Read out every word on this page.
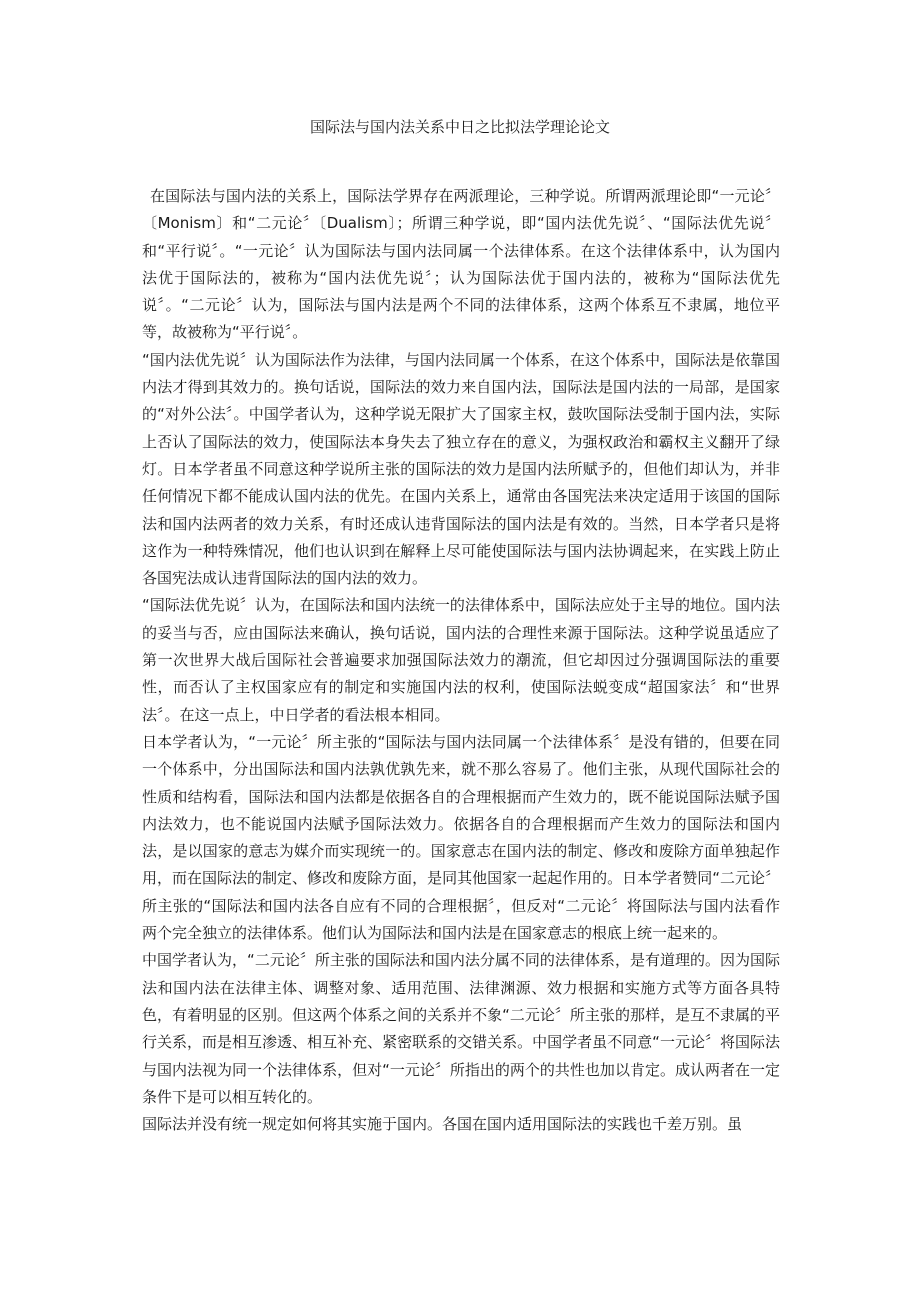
国际法与国内法关系中日之比拟法学理论论文

在国际法与国内法的关系上，国际法学界存在两派理论，三种学说。所谓两派理论即“一元论〞〔Monism〕和“二元论〞〔Dualism〕；所谓三种学说，即“国内法优先说〞、“国际法优先说〞和“平行说〞。“一元论〞认为国际法与国内法同属一个法律体系。在这个法律体系中，认为国内法优于国际法的，被称为“国内法优先说〞；认为国际法优于国内法的，被称为“国际法优先说〞。“二元论〞认为，国际法与国内法是两个不同的法律体系，这两个体系互不隶属，地位平等，故被称为“平行说〞。

“国内法优先说〞认为国际法作为法律，与国内法同属一个体系，在这个体系中，国际法是依靠国内法才得到其效力的。换句话说，国际法的效力来自国内法，国际法是国内法的一局部，是国家的“对外公法〞。中国学者认为，这种学说无限扩大了国家主权，鼓吹国际法受制于国内法，实际上否认了国际法的效力，使国际法本身失去了独立存在的意义，为强权政治和霸权主义翻开了绿灯。日本学者虽不同意这种学说所主张的国际法的效力是国内法所赋予的，但他们却认为，并非任何情况下都不能成认国内法的优先。在国内关系上，通常由各国宪法来决定适用于该国的国际法和国内法两者的效力关系，有时还成认违背国际法的国内法是有效的。当然，日本学者只是将这作为一种特殊情况，他们也认识到在解释上尽可能使国际法与国内法协调起来，在实践上防止各国宪法成认违背国际法的国内法的效力。

“国际法优先说〞认为，在国际法和国内法统一的法律体系中，国际法应处于主导的地位。国内法的妥当与否，应由国际法来确认，换句话说，国内法的合理性来源于国际法。这种学说虽适应了第一次世界大战后国际社会普遍要求加强国际法效力的潮流，但它却因过分强调国际法的重要性，而否认了主权国家应有的制定和实施国内法的权利，使国际法蜕变成“超国家法〞和“世界法〞。在这一点上，中日学者的看法根本相同。

日本学者认为，“一元论〞所主张的“国际法与国内法同属一个法律体系〞是没有错的，但要在同一个体系中，分出国际法和国内法孰优孰先来，就不那么容易了。他们主张，从现代国际社会的性质和结构看，国际法和国内法都是依据各自的合理根据而产生效力的，既不能说国际法赋予国内法效力，也不能说国内法赋予国际法效力。依据各自的合理根据而产生效力的国际法和国内法，是以国家的意志为媒介而实现统一的。国家意志在国内法的制定、修改和废除方面单独起作用，而在国际法的制定、修改和废除方面，是同其他国家一起起作用的。日本学者赞同“二元论〞所主张的“国际法和国内法各自应有不同的合理根据〞，但反对“二元论〞将国际法与国内法看作两个完全独立的法律体系。他们认为国际法和国内法是在国家意志的根底上统一起来的。

中国学者认为，“二元论〞所主张的国际法和国内法分属不同的法律体系，是有道理的。因为国际法和国内法在法律主体、调整对象、适用范围、法律渊源、效力根据和实施方式等方面各具特色，有着明显的区别。但这两个体系之间的关系并不象“二元论〞所主张的那样，是互不隶属的平行关系，而是相互渗透、相互补充、紧密联系的交错关系。中国学者虽不同意“一元论〞将国际法与国内法视为同一个法律体系，但对“一元论〞所指出的两个的共性也加以肯定。成认两者在一定条件下是可以相互转化的。

国际法并没有统一规定如何将其实施于国内。各国在国内适用国际法的实践也千差万别。虽
